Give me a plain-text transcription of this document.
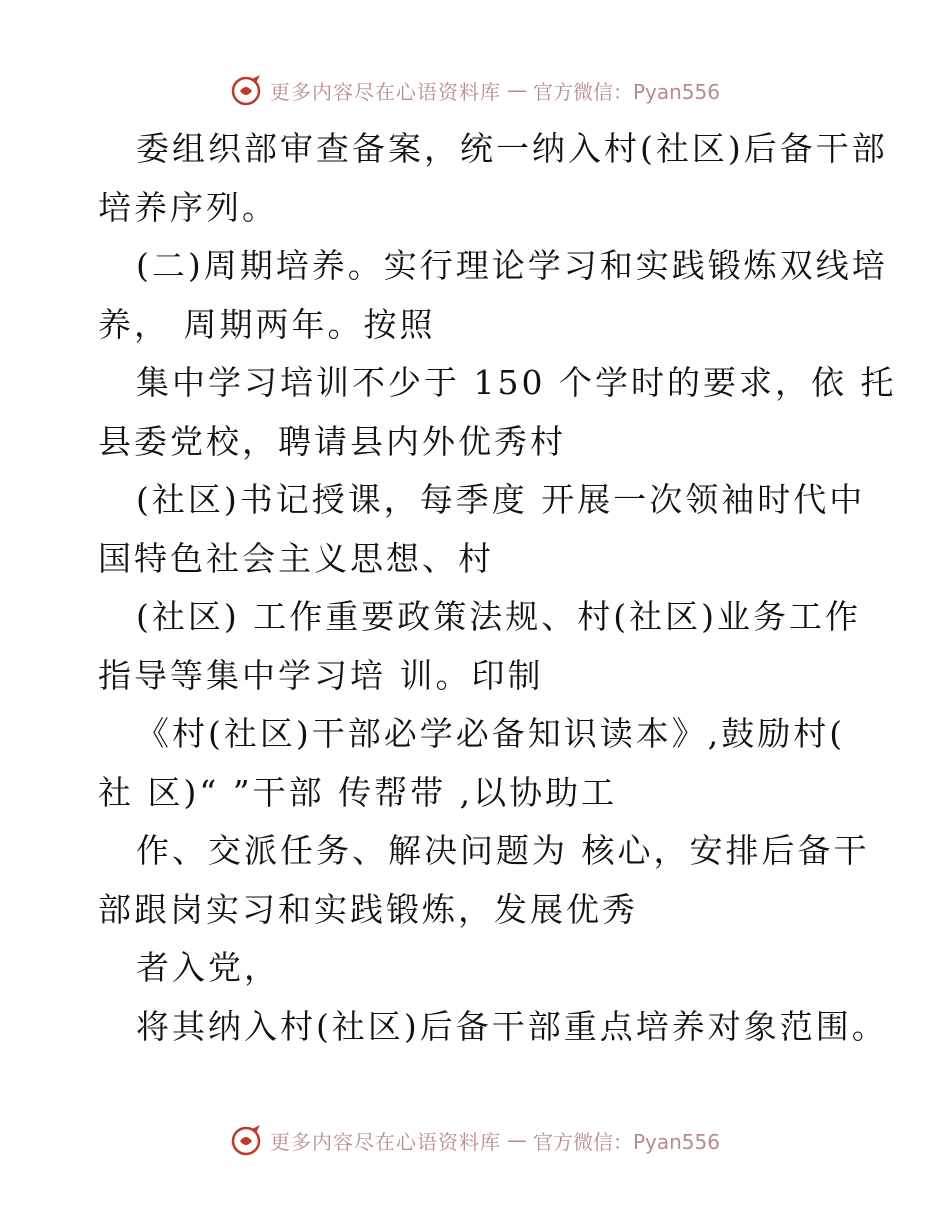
更多内容尽在心语资料库 — 官方微信：Pyan556
委组织部审查备案，统一纳入村(社区)后备干部
培养序列。
(二)周期培养。实行理论学习和实践锻炼双线培
养， 周期两年。按照
集中学习培训不少于 150 个学时的要求，依 托
县委党校，聘请县内外优秀村
(社区)书记授课，每季度 开展一次领袖时代中
国特色社会主义思想、村
(社区) 工作重要政策法规、村(社区)业务工作
指导等集中学习培 训。印制
《村(社区)干部必学必备知识读本》,鼓励村(
社 区)“ ”干部 传帮带 ,以协助工
作、交派任务、解决问题为 核心，安排后备干
部跟岗实习和实践锻炼，发展优秀
者入党，
将其纳入村(社区)后备干部重点培养对象范围。
更多内容尽在心语资料库 — 官方微信：Pyan556
